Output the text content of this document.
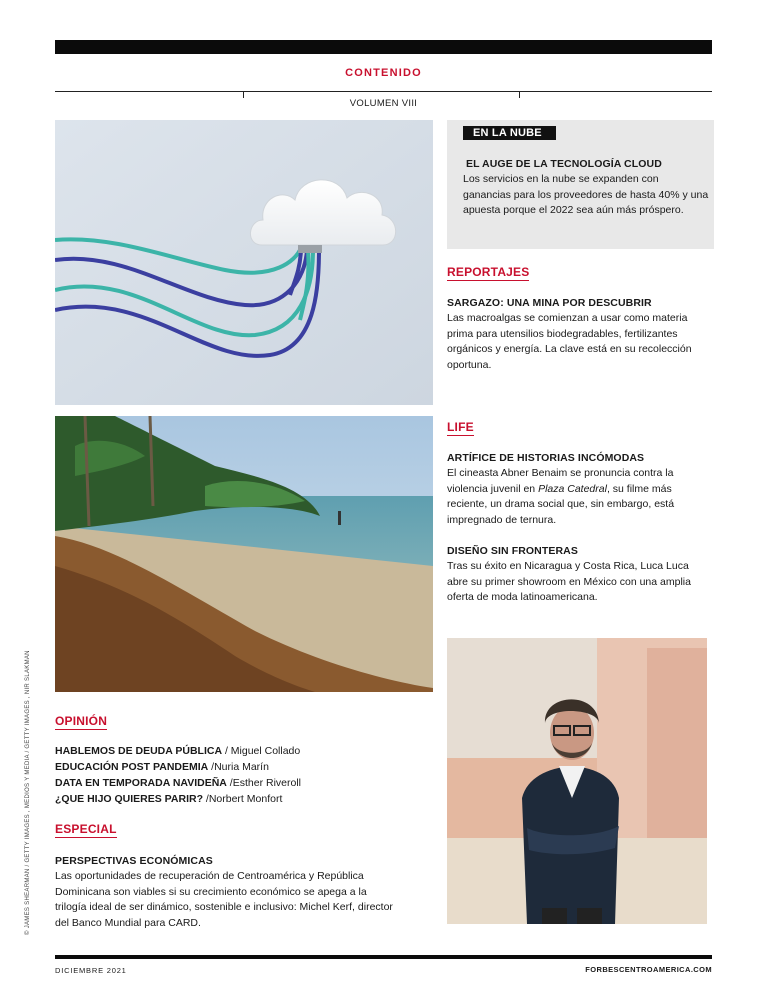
CONTENIDO
VOLUMEN VIII
EN LA NUBE
EL AUGE DE LA TECNOLOGÍA CLOUD
Los servicios en la nube se expanden con ganancias para los proveedores de hasta 40% y una apuesta porque el 2022 sea aún más próspero.
REPORTAJES
SARGAZO: UNA MINA POR DESCUBRIR
Las macroalgas se comienzan a usar como materia prima para utensilios biodegradables, fertilizantes orgánicos y energía. La clave está en su recolección oportuna.
LIFE
ARTÍFICE DE HISTORIAS INCÓMODAS
El cineasta Abner Benaim se pronuncia contra la violencia juvenil en Plaza Catedral, su filme más reciente, un drama social que, sin embargo, está impregnado de ternura.
DISEÑO SIN FRONTERAS
Tras su éxito en Nicaragua y Costa Rica, Luca Luca abre su primer showroom en México con una amplia oferta de moda latinoamericana.
OPINIÓN
HABLEMOS DE DEUDA PÚBLICA / Miguel Collado
EDUCACIÓN POST PANDEMIA /Nuria Marín
DATA EN TEMPORADA NAVIDEÑA /Esther Riveroll
¿QUE HIJO QUIERES PARIR? /Norbert Monfort
ESPECIAL
PERSPECTIVAS ECONÓMICAS
Las oportunidades de recuperación de Centroamérica y República Dominicana son viables si su crecimiento económico se apega a la trilogía ideal de ser dinámico, sostenible e inclusivo: Michel Kerf, director del Banco Mundial para CARD.
© JAMES SHEARMAN / GETTY IMAGES , MEDIOS Y MEDIA / GETTY IMAGES , NIR SLAKMAN
DICIEMBRE 2021	FORBESCENTROAMERICA.COM
